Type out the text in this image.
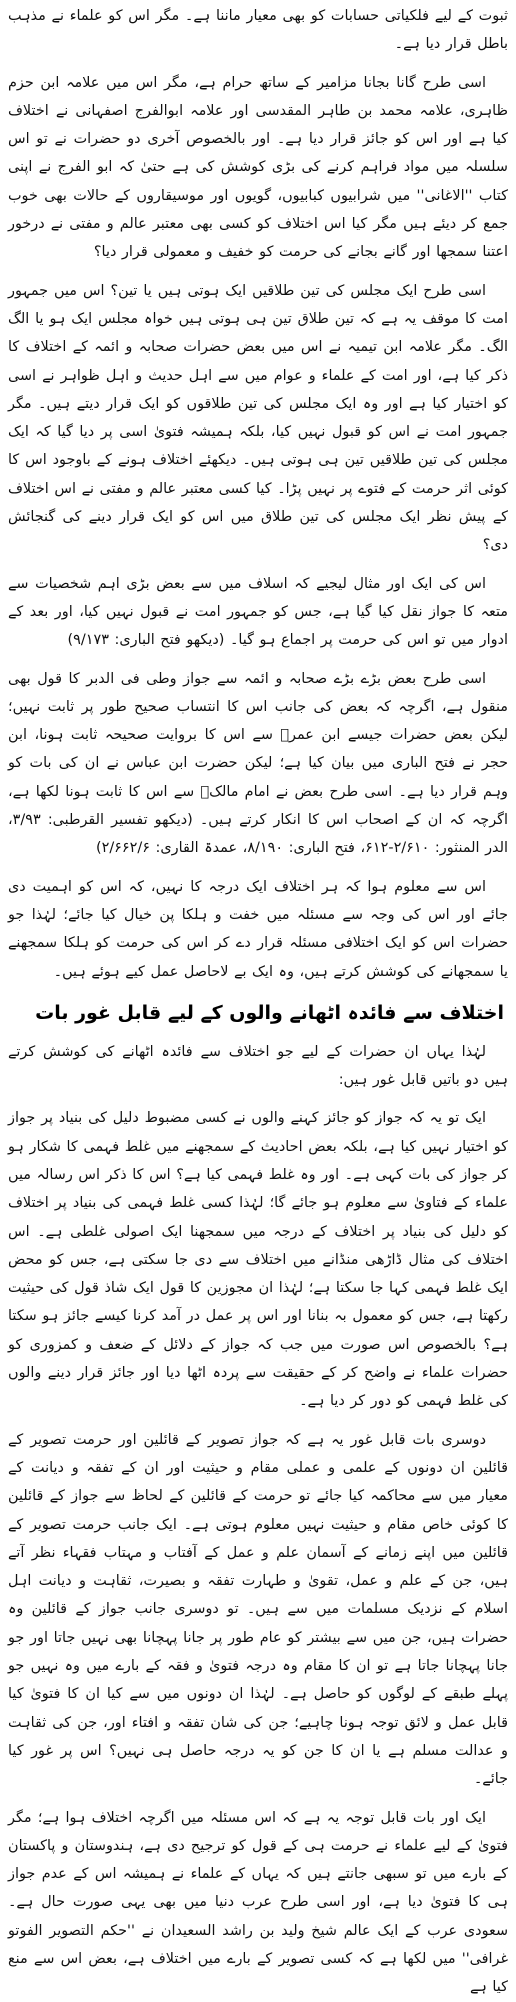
ثبوت کے لیے فلکیاتی حسابات کو بھی معیار ماننا ہے۔ مگر اس کو علماء نے مذہب باطل قرار دیا ہے۔

اسی طرح گانا بجانا مزامیر کے ساتھ حرام ہے، مگر اس میں علامہ ابن حزم ظاہری، علامہ محمد بن طاہر المقدسی اور علامہ ابوالفرج اصفہانی نے اختلاف کیا ہے اور اس کو جائز قرار دیا ہے۔ اور بالخصوص آخری دو حضرات نے تو اس سلسلہ میں مواد فراہم کرنے کی بڑی کوشش کی ہے حتیٰ کہ ابو الفرج نے اپنی کتاب ''الاغانی'' میں شرابیوں کبابیوں، گویوں اور موسیقاروں کے حالات بھی خوب جمع کر دیئے ہیں مگر کیا اس اختلاف کو کسی بھی معتبر عالم و مفتی نے درخور اعتنا سمجھا اور گانے بجانے کی حرمت کو خفیف و معمولی قرار دیا؟

اسی طرح ایک مجلس کی تین طلاقیں ایک ہوتی ہیں یا تین؟ اس میں جمہور امت کا موقف یہ ہے کہ تین طلاق تین ہی ہوتی ہیں خواہ مجلس ایک ہو یا الگ الگ۔ مگر علامہ ابن تیمیہ نے اس میں بعض حضرات صحابہ و ائمہ کے اختلاف کا ذکر کیا ہے، اور امت کے علماء و عوام میں سے اہل حدیث و اہل ظواہر نے اسی کو اختیار کیا ہے اور وہ ایک مجلس کی تین طلاقوں کو ایک قرار دیتے ہیں۔ مگر جمہور امت نے اس کو قبول نہیں کیا، بلکہ ہمیشہ فتویٰ اسی پر دیا گیا کہ ایک مجلس کی تین طلاقیں تین ہی ہوتی ہیں۔ دیکھئے اختلاف ہونے کے باوجود اس کا کوئی اثر حرمت کے فتوے پر نہیں پڑا۔ کیا کسی معتبر عالم و مفتی نے اس اختلاف کے پیش نظر ایک مجلس کی تین طلاق میں اس کو ایک قرار دینے کی گنجائش دی؟

اس کی ایک اور مثال لیجیے کہ اسلاف میں سے بعض بڑی اہم شخصیات سے متعہ کا جواز نقل کیا گیا ہے، جس کو جمہور امت نے قبول نہیں کیا، اور بعد کے ادوار میں تو اس کی حرمت پر اجماع ہو گیا۔ (دیکھو فتح الباری: ۹/۱۷۳)

اسی طرح بعض بڑے بڑے صحابہ و ائمہ سے جواز وطی فی الدبر کا قول بھی منقول ہے، اگرچہ کہ بعض کی جانب اس کا انتساب صحیح طور پر ثابت نہیں؛ لیکن بعض حضرات جیسے ابن عمرؓ سے اس کا بروایت صحیحہ ثابت ہونا، ابن حجر نے فتح الباری میں بیان کیا ہے؛ لیکن حضرت ابن عباس نے ان کی بات کو وہم قرار دیا ہے۔ اسی طرح بعض نے امام مالکؒ سے اس کا ثابت ہونا لکھا ہے، اگرچہ کہ ان کے اصحاب اس کا انکار کرتے ہیں۔ (دیکھو تفسیر القرطبی: ۳/۹۳، الدر المنثور: ۲/۶۱۰-۶۱۲، فتح الباری: ۸/۱۹۰، عمدۃ القاری: ۲/۶۶۲/۶)

اس سے معلوم ہوا کہ ہر اختلاف ایک درجہ کا نہیں، کہ اس کو اہمیت دی جائے اور اس کی وجہ سے مسئلہ میں خفت و ہلکا پن خیال کیا جائے؛ لہٰذا جو حضرات اس کو ایک اختلافی مسئلہ قرار دے کر اس کی حرمت کو ہلکا سمجھنے یا سمجھانے کی کوشش کرتے ہیں، وہ ایک بے لاحاصل عمل کیے ہوئے ہیں۔

اختلاف سے فائدہ اٹھانے والوں کے لیے قابل غور بات

لہٰذا یہاں ان حضرات کے لیے جو اختلاف سے فائدہ اٹھانے کی کوشش کرتے ہیں دو باتیں قابل غور ہیں:

ایک تو یہ کہ جواز کو جائز کہنے والوں نے کسی مضبوط دلیل کی بنیاد پر جواز کو اختیار نہیں کیا ہے، بلکہ بعض احادیث کے سمجھنے میں غلط فہمی کا شکار ہو کر جواز کی بات کہی ہے۔ اور وہ غلط فہمی کیا ہے؟ اس کا ذکر اس رسالہ میں علماء کے فتاویٰ سے معلوم ہو جائے گا؛ لہٰذا کسی غلط فہمی کی بنیاد پر اختلاف کو دلیل کی بنیاد پر اختلاف کے درجہ میں سمجھنا ایک اصولی غلطی ہے۔ اس اختلاف کی مثال ڈاڑھی منڈانے میں اختلاف سے دی جا سکتی ہے، جس کو محض ایک غلط فہمی کہا جا سکتا ہے؛ لہٰذا ان مجوزین کا قول ایک شاذ قول کی حیثیت رکھتا ہے، جس کو معمول بہ بنانا اور اس پر عمل در آمد کرنا کیسے جائز ہو سکتا ہے؟ بالخصوص اس صورت میں جب کہ جواز کے دلائل کے ضعف و کمزوری کو حضرات علماء نے واضح کر کے حقیقت سے پردہ اٹھا دیا اور جائز قرار دینے والوں کی غلط فہمی کو دور کر دیا ہے۔

دوسری بات قابل غور یہ ہے کہ جواز تصویر کے قائلین اور حرمت تصویر کے قائلین ان دونوں کے علمی و عملی مقام و حیثیت اور ان کے تفقہ و دیانت کے معیار میں سے محاکمہ کیا جائے تو حرمت کے قائلین کے لحاظ سے جواز کے قائلین کا کوئی خاص مقام و حیثیت نہیں معلوم ہوتی ہے۔ ایک جانب حرمت تصویر کے قائلین میں اپنے زمانے کے آسمان علم و عمل کے آفتاب و مہتاب فقہاء نظر آتے ہیں، جن کے علم و عمل، تقویٰ و طہارت تفقہ و بصیرت، ثقاہت و دیانت اہل اسلام کے نزدیک مسلمات میں سے ہیں۔ تو دوسری جانب جواز کے قائلین وہ حضرات ہیں، جن میں سے بیشتر کو عام طور پر جانا پہچانا بھی نہیں جاتا اور جو جانا پہچانا جاتا ہے تو ان کا مقام وہ درجہ فتویٰ و فقہ کے بارے میں وہ نہیں جو پہلے طبقے کے لوگوں کو حاصل ہے۔ لہٰذا ان دونوں میں سے کیا ان کا فتویٰ کیا قابل عمل و لائق توجہ ہونا چاہیے؛ جن کی شان تفقہ و افتاء اور، جن کی ثقاہت و عدالت مسلم ہے یا ان کا جن کو یہ درجہ حاصل ہی نہیں؟ اس پر غور کیا جائے۔

ایک اور بات قابل توجہ یہ ہے کہ اس مسئلہ میں اگرچہ اختلاف ہوا ہے؛ مگر فتویٰ کے لیے علماء نے حرمت ہی کے قول کو ترجیح دی ہے، ہندوستان و پاکستان کے بارے میں تو سبھی جانتے ہیں کہ یہاں کے علماء نے ہمیشہ اس کے عدم جواز ہی کا فتویٰ دیا ہے، اور اسی طرح عرب دنیا میں بھی یہی صورت حال ہے۔ سعودی عرب کے ایک عالم شیخ ولید بن راشد السعیدان نے ''حکم التصویر الفوتو غرافی'' میں لکھا ہے کہ کسی تصویر کے بارے میں اختلاف ہے، بعض اس سے منع کیا ہے
